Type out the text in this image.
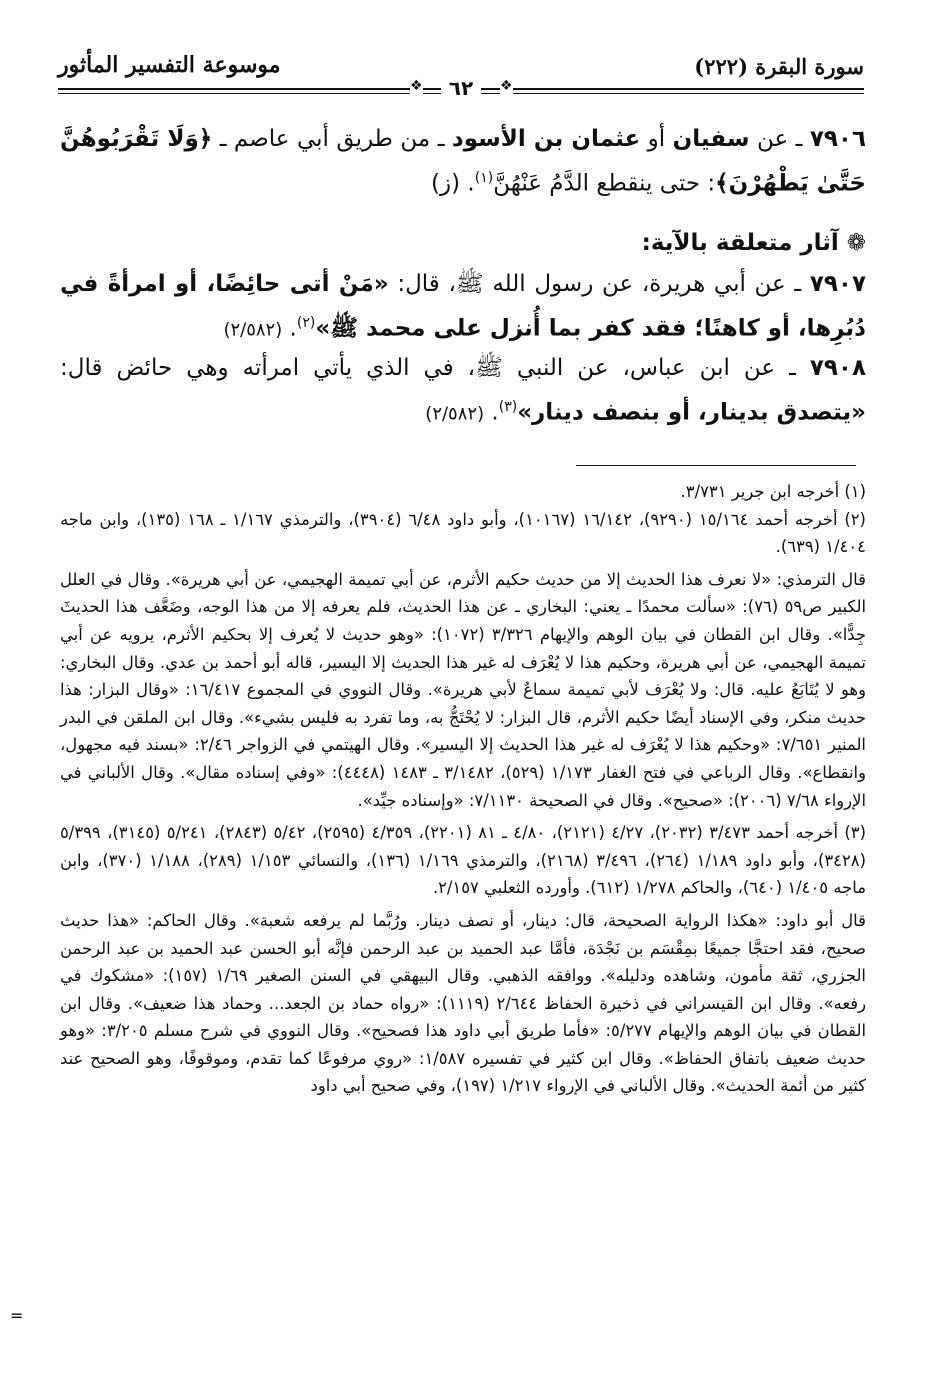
سورة البقرة (٢٢٢)
موسوعة التفسير المأثور
❖	❖
٦٢

٧٩٠٦ ـ عن سفيان أو عثمان بن الأسود ـ من طريق أبي عاصم ـ ﴿وَلَا تَقْرَبُوهُنَّ حَتَّىٰ يَطْهُرْنَ﴾: حتى ينقطع الدَّمُ عَنْهُنَّ$^{(١)}$. (ز)

❁ آثار متعلقة بالآية:

٧٩٠٧ ـ عن أبي هريرة، عن رسول الله ﷺ، قال: «مَنْ أتى حائِضًا، أو امرأةً في دُبُرِها، أو كاهنًا؛ فقد كفر بما أُنزل على محمد ﷺ»$^{(٢)}$. (٢/٥٨٢)

٧٩٠٨ ـ عن ابن عباس، عن النبي ﷺ، في الذي يأتي امرأته وهي حائض قال: «يتصدق بدينار، أو بنصف دينار»$^{(٣)}$. (٢/٥٨٢)

(١) أخرجه ابن جرير ٣/٧٣١.

(٢) أخرجه أحمد ١٥/١٦٤ (٩٢٩٠)، ١٦/١٤٢ (١٠١٦٧)، وأبو داود ٦/٤٨ (٣٩٠٤)، والترمذي ١/١٦٧ ـ ١٦٨ (١٣٥)، وابن ماجه ١/٤٠٤ (٦٣٩).

قال الترمذي: «لا نعرف هذا الحديث إلا من حديث حكيم الأثرم، عن أبي تميمة الهجيمي، عن أبي هريرة». وقال في العلل الكبير ص٥٩ (٧٦): «سألت محمدًا ـ يعني: البخاري ـ عن هذا الحديث، فلم يعرفه إلا من هذا الوجه، وضَعَّف هذا الحديثَ جِدًّا». وقال ابن القطان في بيان الوهم والإيهام ٣/٣٢٦ (١٠٧٢): «وهو حديث لا يُعرف إلا بحكيم الأثرم، يرويه عن أبي تميمة الهجيمي، عن أبي هريرة، وحكيم هذا لا يُعْرَف له غير هذا الحديث إلا اليسير، قاله أبو أحمد بن عدي. وقال البخاري: وهو لا يُتَابَعُ عليه. قال: ولا يُعْرَف لأبي تميمة سماعٌ لأبي هريرة». وقال النووي في المجموع ١٦/٤١٧: «وقال البزار: هذا حديث منكر، وفي الإسناد أيضًا حكيم الأثرم، قال البزار: لا يُحْتَجُّ به، وما تفرد به فليس بشيء». وقال ابن الملقن في البدر المنير ٧/٦٥١: «وحكيم هذا لا يُعْرَف له غير هذا الحديث إلا اليسير». وقال الهيتمي في الزواجر ٢/٤٦: «بسند فيه مجهول، وانقطاع». وقال الرباعي في فتح الغفار ١/١٧٣ (٥٢٩)، ٣/١٤٨٢ ـ ١٤٨٣ (٤٤٤٨): «وفي إسناده مقال». وقال الألباني في الإرواء ٧/٦٨ (٢٠٠٦): «صحيح». وقال في الصحيحة ٧/١١٣٠: «وإسناده جيِّد».

(٣) أخرجه أحمد ٣/٤٧٣ (٢٠٣٢)، ٤/٢٧ (٢١٢١)، ٤/٨٠ ـ ٨١ (٢٢٠١)، ٤/٣٥٩ (٢٥٩٥)، ٥/٤٢ (٢٨٤٣)، ٥/٢٤١ (٣١٤٥)، ٥/٣٩٩ (٣٤٢٨)، وأبو داود ١/١٨٩ (٢٦٤)، ٣/٤٩٦ (٢١٦٨)، والترمذي ١/١٦٩ (١٣٦)، والنسائي ١/١٥٣ (٢٨٩)، ١/١٨٨ (٣٧٠)، وابن ماجه ١/٤٠٥ (٦٤٠)، والحاكم ١/٢٧٨ (٦١٢). وأورده الثعلبي ٢/١٥٧.

قال أبو داود: «هكذا الرواية الصحيحة، قال: دينار، أو نصف دينار. ورُبَّما لم يرفعه شعبة». وقال الحاكم: «هذا حديث صحيح، فقد احتجَّا جميعًا بمِقْسَم بن نَجْدَة، فأمَّا عبد الحميد بن عبد الرحمن فإنَّه أبو الحسن عبد الحميد بن عبد الرحمن الجزري، ثقة مأمون، وشاهده ودليله». ووافقه الذهبي. وقال البيهقي في السنن الصغير ١/٦٩ (١٥٧): «مشكوك في رفعه». وقال ابن القيسراني في ذخيرة الحفاظ ٢/٦٤٤ (١١١٩): «رواه حماد بن الجعد... وحماد هذا ضعيف». وقال ابن القطان في بيان الوهم والإيهام ٥/٢٧٧: «فأما طريق أبي داود هذا فصحيح». وقال النووي في شرح مسلم ٣/٢٠٥: «وهو حديث ضعيف باتفاق الحفاظ». وقال ابن كثير في تفسيره ١/٥٨٧: «روي مرفوعًا كما تقدم، وموقوفًا، وهو الصحيح عند كثير من أئمة الحديث». وقال الألباني في الإرواء ١/٢١٧ (١٩٧)، وفي صحيح أبي داود

=
